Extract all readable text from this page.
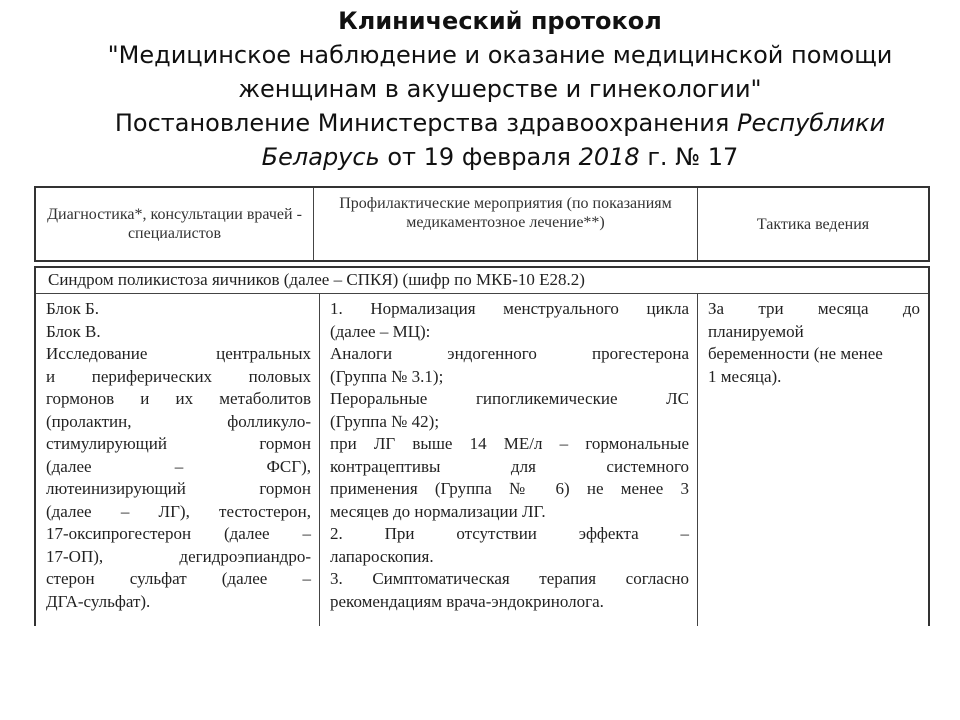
Клинический протокол
"Медицинское наблюдение и оказание медицинской помощи
женщинам в акушерстве и гинекологии"
Постановление Министерства здравоохранения Республики
Беларусь от 19 февраля 2018 г. № 17
Диагностика*, консультации врачей - специалистов
Профилактические мероприятия (по показаниям медикаментозное лечение**)	Тактика ведения
Синдром поликистоза яичников (далее – СПКЯ) (шифр по МКБ-10 E28.2)
Блок Б.
Блок В.
Исследование центральных
и периферических половых
гормонов и их метаболитов
(пролактин, фолликуло-
стимулирующий гормон
(далее – ФСГ),
лютеинизирующий гормон
(далее – ЛГ), тестостерон,
17-оксипрогестерон (далее –
17-ОП), дегидроэпиандро-
стерон сульфат (далее –
ДГА-сульфат).
1. Нормализация менструального цикла
(далее – МЦ):
Аналоги эндогенного прогестерона
(Группа № 3.1);
Пероральные гипогликемические ЛС
(Группа № 42);
при ЛГ выше 14 МЕ/л – гормональные
контрацептивы для системного
применения (Группа № 6) не менее 3
месяцев до нормализации ЛГ.
2. При отсутствии эффекта –
лапароскопия.
3. Симптоматическая терапия согласно
рекомендациям врача-эндокринолога.
За три месяца до
планируемой
беременности (не менее
1 месяца).
